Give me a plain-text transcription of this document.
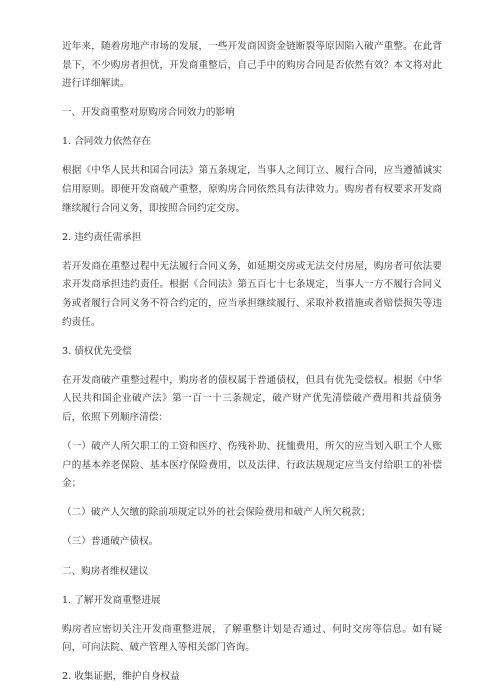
近年来，随着房地产市场的发展，一些开发商因资金链断裂等原因陷入破产重整。在此背景下，不少购房者担忧，开发商重整后，自己手中的购房合同是否依然有效？本文将对此进行详细解读。

一、开发商重整对原购房合同效力的影响

1. 合同效力依然存在

根据《中华人民共和国合同法》第五条规定，当事人之间订立、履行合同，应当遵循诚实信用原则。即便开发商破产重整，原购房合同依然具有法律效力。购房者有权要求开发商继续履行合同义务，即按照合同约定交房。

2. 违约责任需承担

若开发商在重整过程中无法履行合同义务，如延期交房或无法交付房屋，购房者可依法要求开发商承担违约责任。根据《合同法》第五百七十七条规定，当事人一方不履行合同义务或者履行合同义务不符合约定的，应当承担继续履行、采取补救措施或者赔偿损失等违约责任。

3. 债权优先受偿

在开发商破产重整过程中，购房者的债权属于普通债权，但具有优先受偿权。根据《中华人民共和国企业破产法》第一百一十三条规定，破产财产优先清偿破产费用和共益债务后，依照下列顺序清偿：

（一）破产人所欠职工的工资和医疗、伤残补助、抚恤费用，所欠的应当划入职工个人账户的基本养老保险、基本医疗保险费用，以及法律、行政法规规定应当支付给职工的补偿金；

（二）破产人欠缴的除前项规定以外的社会保险费用和破产人所欠税款；

（三）普通破产债权。

二、购房者维权建议

1. 了解开发商重整进展

购房者应密切关注开发商重整进展，了解重整计划是否通过、何时交房等信息。如有疑问，可向法院、破产管理人等相关部门咨询。

2. 收集证据，维护自身权益
